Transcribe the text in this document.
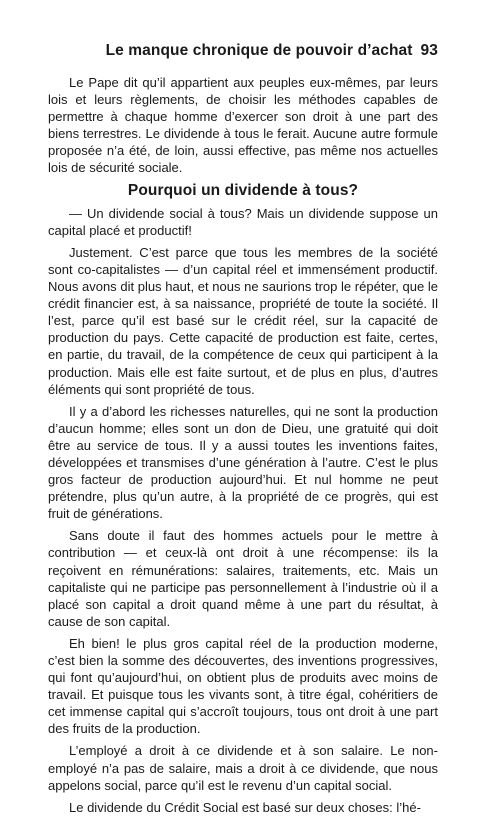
Le manque chronique de pouvoir d’achat 93

Le Pape dit qu’il appartient aux peuples eux-mêmes, par leurs lois et leurs règlements, de choisir les méthodes capables de permettre à chaque homme d’exercer son droit à une part des biens terrestres. Le dividende à tous le ferait. Aucune autre formule proposée n’a été, de loin, aussi effective, pas même nos actuelles lois de sécurité sociale.

Pourquoi un dividende à tous?

— Un dividende social à tous? Mais un dividende suppose un capital placé et productif!

Justement. C’est parce que tous les membres de la société sont co-capitalistes — d’un capital réel et immensément productif. Nous avons dit plus haut, et nous ne saurions trop le répéter, que le crédit financier est, à sa naissance, propriété de toute la société. Il l’est, parce qu’il est basé sur le crédit réel, sur la capacité de production du pays. Cette capacité de production est faite, certes, en partie, du travail, de la compétence de ceux qui participent à la production. Mais elle est faite surtout, et de plus en plus, d’autres éléments qui sont propriété de tous.

Il y a d’abord les richesses naturelles, qui ne sont la production d’aucun homme; elles sont un don de Dieu, une gratuité qui doit être au service de tous. Il y a aussi toutes les inventions faites, développées et transmises d’une génération à l’autre. C’est le plus gros facteur de production aujourd’hui. Et nul homme ne peut prétendre, plus qu’un autre, à la propriété de ce progrès, qui est fruit de générations.

Sans doute il faut des hommes actuels pour le mettre à contribution — et ceux-là ont droit à une récompense: ils la reçoivent en rémunérations: salaires, traitements, etc. Mais un capitaliste qui ne participe pas personnellement à l’industrie où il a placé son capital a droit quand même à une part du résultat, à cause de son capital.

Eh bien! le plus gros capital réel de la production moderne, c’est bien la somme des découvertes, des inventions progressives, qui font qu’aujourd’hui, on obtient plus de produits avec moins de travail. Et puisque tous les vivants sont, à titre égal, cohéritiers de cet immense capital qui s’accroît toujours, tous ont droit à une part des fruits de la production.

L’employé a droit à ce dividende et à son salaire. Le non-employé n’a pas de salaire, mais a droit à ce dividende, que nous appelons social, parce qu’il est le revenu d’un capital social.

Le dividende du Crédit Social est basé sur deux choses: l’hé-
